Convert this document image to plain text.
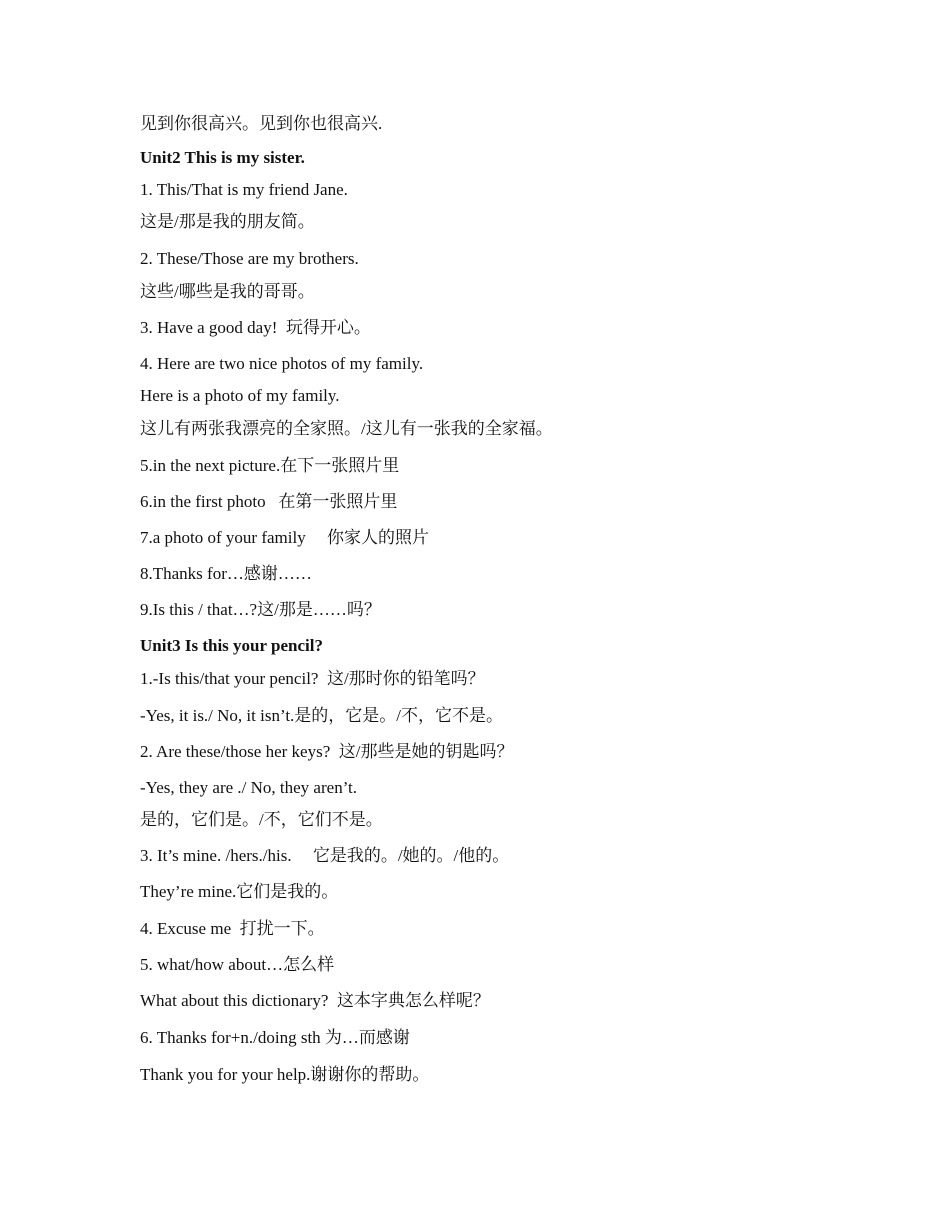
见到你很高兴。见到你也很高兴.

Unit2 This is my sister.

1. This/That is my friend Jane.

这是/那是我的朋友简。

2. These/Those are my brothers.

这些/哪些是我的哥哥。

3. Have a good day!  玩得开心。

4. Here are two nice photos of my family.

Here is a photo of my family.

这儿有两张我漂亮的全家照。/这儿有一张我的全家福。

5.in the next picture.在下一张照片里

6.in the first photo   在第一张照片里

7.a photo of your family     你家人的照片

8.Thanks for…感谢……

9.Is this / that…?这/那是……吗？

Unit3 Is this your pencil?

1.-Is this/that your pencil?  这/那时你的铅笔吗？

-Yes, it is./ No, it isn’t.是的，它是。/不，它不是。

2. Are these/those her keys?  这/那些是她的钥匙吗？

-Yes, they are ./ No, they aren’t.

是的，它们是。/不，它们不是。

3. It’s mine. /hers./his.     它是我的。/她的。/他的。

They’re mine.它们是我的。

4. Excuse me  打扰一下。

5. what/how about…怎么样

What about this dictionary?  这本字典怎么样呢？

6. Thanks for+n./doing sth 为…而感谢

Thank you for your help.谢谢你的帮助。
